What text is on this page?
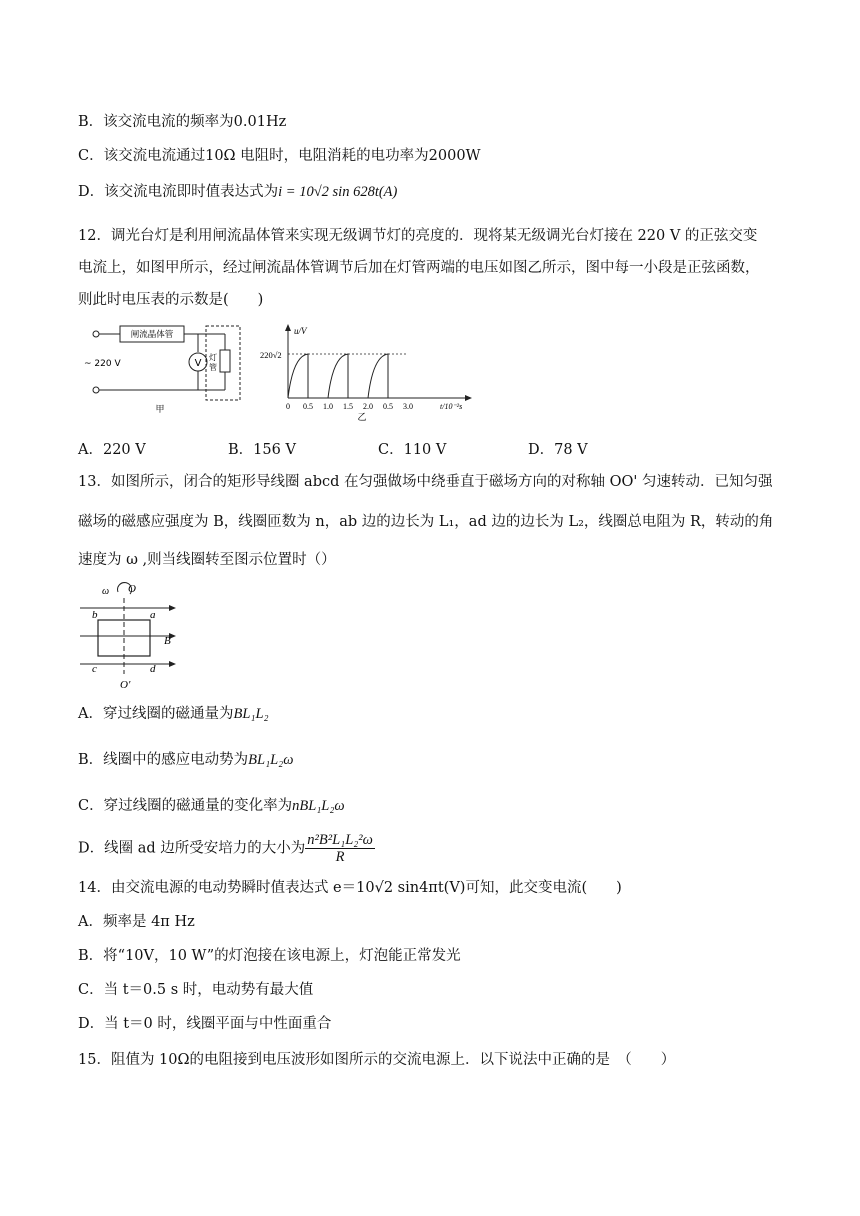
B．该交流电流的频率为0.01Hz
C．该交流电流通过10Ω 电阻时，电阻消耗的电功率为2000W
D．该交流电流即时值表达式为i = 10√2 sin 628t(A)
12．调光台灯是利用闸流晶体管来实现无级调节灯的亮度的．现将某无级调光台灯接在 220 V 的正弦交变
电流上，如图甲所示，经过闸流晶体管调节后加在灯管两端的电压如图乙所示，图中每一小段是正弦函数，
则此时电压表的示数是(　　)
闸流晶体管
~ 220 V	V
灯
管
甲
u/V
220√2
0 0.5 1.0 1.5 2.0 0.5 3.0	t/10⁻²s
乙
A．220 V	B．156 V	C．110 V	D．78 V
13．如图所示，闭合的矩形导线圈 abcd 在匀强做场中绕垂直于磁场方向的对称轴 OO' 匀速转动．已知匀强
磁场的磁感应强度为 B，线圈匝数为 n，ab 边的边长为 L₁，ad 边的边长为 L₂，线圈总电阻为 R，转动的角
速度为 ω ,则当线圈转至图示位置时（）
ω O
b	a
c	d
B
O'
A．穿过线圈的磁通量为BL₁L₂
B．线圈中的感应电动势为BL₁L₂ω
C．穿过线圈的磁通量的变化率为nBL₁L₂ω
D．线圈 ad 边所受安培力的大小为 $\frac{\text{n²B²L₁L₂²ω}}{R}$
14．由交流电源的电动势瞬时值表达式 e＝10√2 sin4πt(V)可知，此交变电流(　　)
A．频率是 4π Hz
B．将“10V，10 W”的灯泡接在该电源上，灯泡能正常发光
C．当 t＝0.5 s 时，电动势有最大值
D．当 t＝0 时，线圈平面与中性面重合
15．阻值为 10Ω的电阻接到电压波形如图所示的交流电源上．以下说法中正确的是　（　　）
